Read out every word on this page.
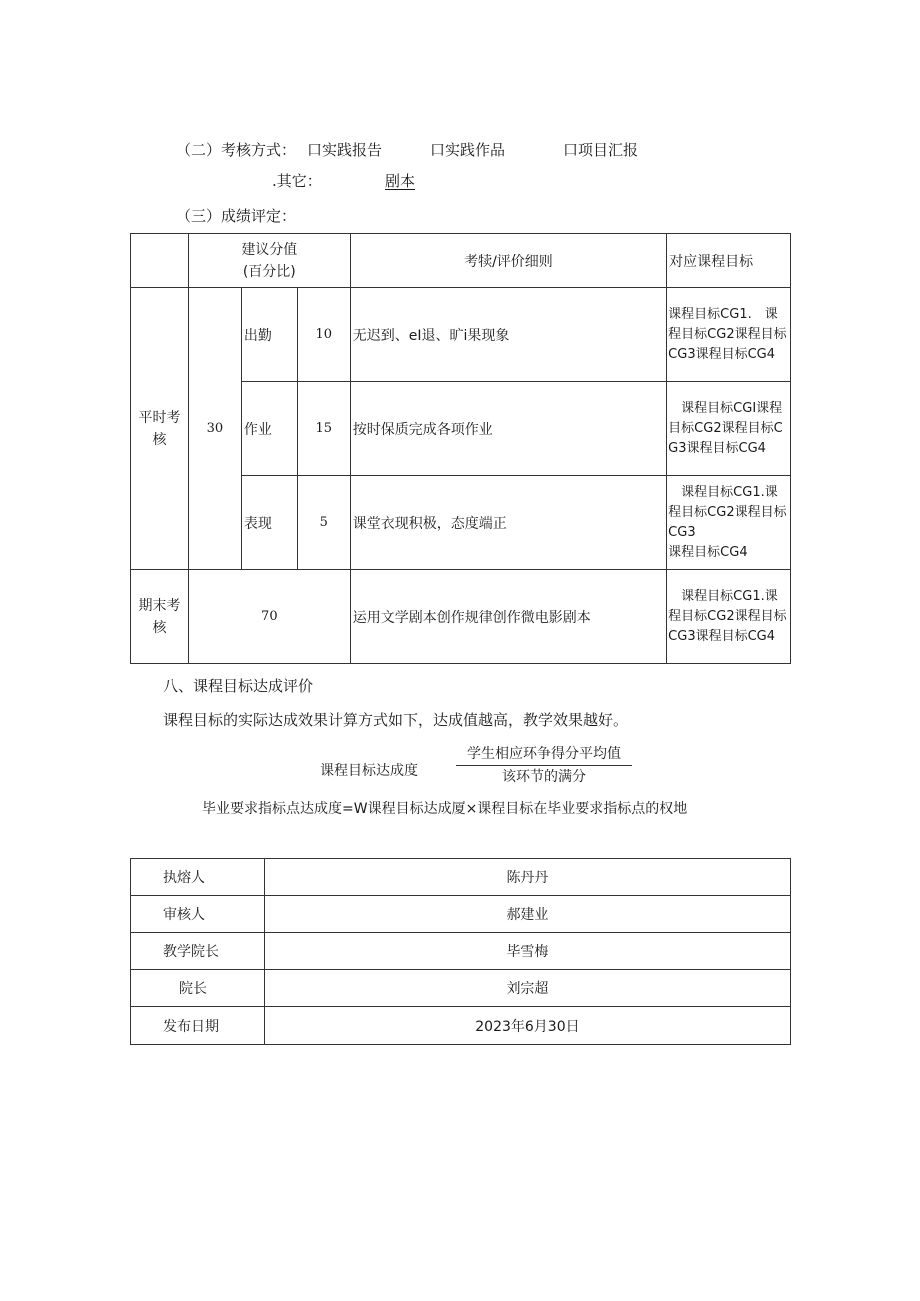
（二）考核方式： 口实践报告	口实践作品	口项目汇报
.其它：	剧本
（三）成绩评定：

	建议分值
(百分比)			考犊/评价细则	对应课程目标
平时考核	30	出勤	10	无迟到、eI退、旷i果现象	课程目标CG1.　课程目标CG2课程目标CG3课程目标CG4
		作业	15	按时保质完成各项作业	　课程目标CGI课程目标CG2课程目标CG3课程目标CG4
		表现	5	课堂衣现积极，态度端正	　课程目标CG1.课程目标CG2课程目标CG3
课程目标CG4
期末考核	70			运用文学剧本创作规律创作微电影剧本	　课程目标CG1.课程目标CG2课程目标CG3课程目标CG4
八、课程目标达成评价
课程目标的实际达成效果计算方式如下，达成值越高，教学效果越好。
课程目标达成度
学生相应环争得分平均值
该环节的满分
毕业要求指标点达成度=W课程目标达成厦×课程目标在毕业要求指标点的权地
执熔人	陈丹丹
审核人	郝建业
教学院长	毕雪梅
院长	刘宗超
发布日期	2023年6月30日
